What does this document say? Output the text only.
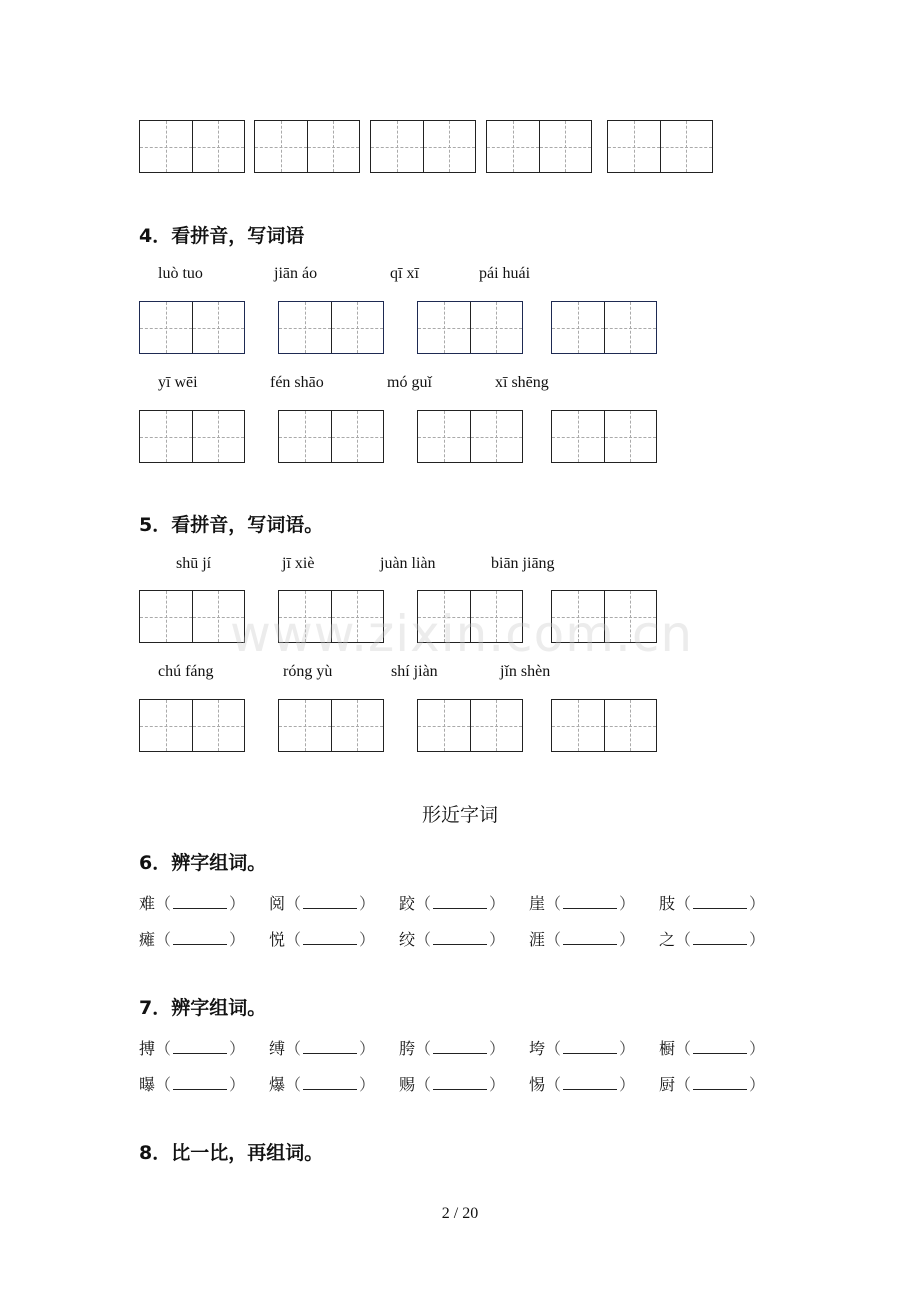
4．看拼音，写词语
luò tuo	jiān áo	qī xī	pái huái
yī wēi	fén shāo	mó guǐ	xī shēng
5．看拼音，写词语。
shū jí	jī xiè	juàn liàn	biān jiāng
www.zixin.com.cn
chú fáng	róng yù	shí jiàn	jǐn shèn
形近字词
6．辨字组词。
难（	） 阅（	） 跤（	） 崖（	） 肢（	）
瘫（	） 悦（	） 绞（	） 涯（	） 之（	）
7．辨字组词。
搏（	） 缚（	） 胯（	） 垮（	） 橱（	）
曝（	） 爆（	） 赐（	） 惕（	） 厨（	）
8．比一比，再组词。
2 / 20
